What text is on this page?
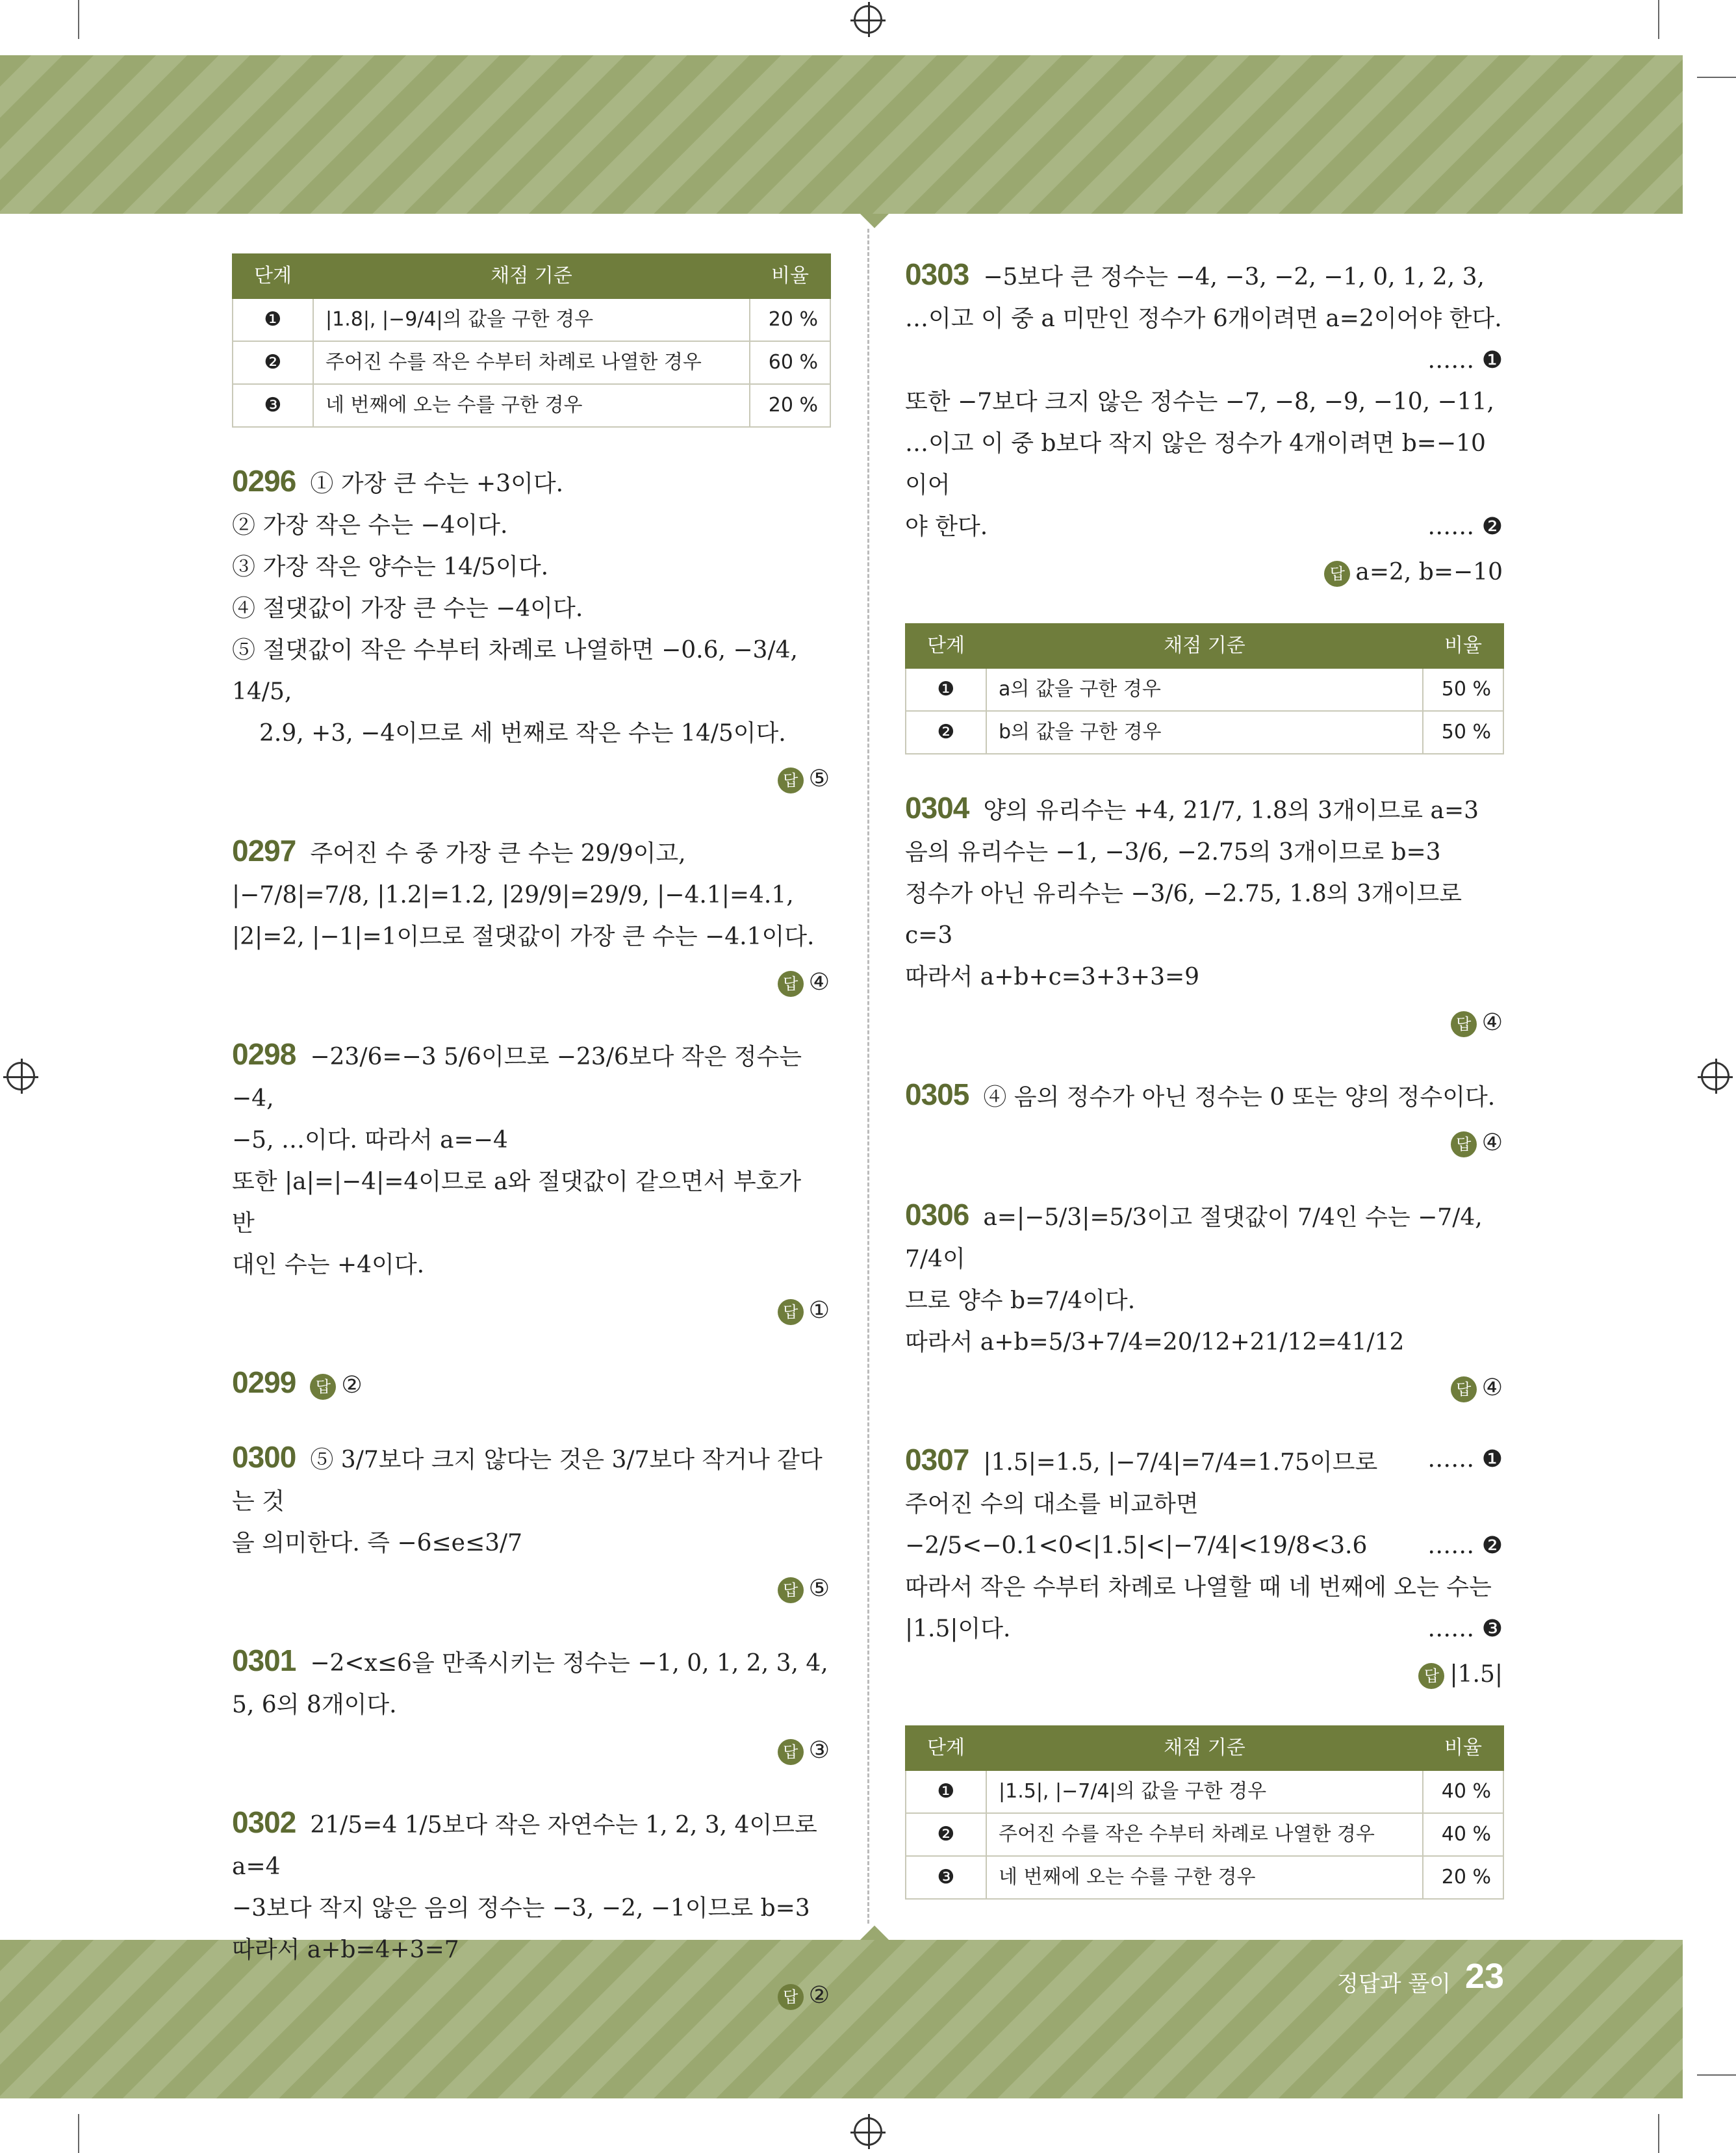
단계	채점 기준	비율
❶	|1.8|, |−9/4|의 값을 구한 경우	20 %
❷	주어진 수를 작은 수부터 차례로 나열한 경우	60 %
❸	네 번째에 오는 수를 구한 경우	20 %

0296 ① 가장 큰 수는 +3이다.

② 가장 작은 수는 −4이다.

③ 가장 작은 양수는 14/5이다.

④ 절댓값이 가장 큰 수는 −4이다.

⑤ 절댓값이 작은 수부터 차례로 나열하면 −0.6, −3/4, 14/5,

2.9, +3, −4이므로 세 번째로 작은 수는 14/5이다.

답 ⑤

0297 주어진 수 중 가장 큰 수는 29/9이고,

|−7/8|=7/8, |1.2|=1.2, |29/9|=29/9, |−4.1|=4.1,

|2|=2, |−1|=1이므로 절댓값이 가장 큰 수는 −4.1이다.

답 ④

0298 −23/6=−3 5/6이므로 −23/6보다 작은 정수는 −4,

−5, …이다. 따라서 a=−4

또한 |a|=|−4|=4이므로 a와 절댓값이 같으면서 부호가 반

대인 수는 +4이다.

답 ①

0299 답 ②

0300 ⑤ 3/7보다 크지 않다는 것은 3/7보다 작거나 같다는 것

을 의미한다. 즉 −6≤e≤3/7

답 ⑤

0301 −2<x≤6을 만족시키는 정수는 −1, 0, 1, 2, 3, 4,

5, 6의 8개이다.

답 ③

0302 21/5=4 1/5보다 작은 자연수는 1, 2, 3, 4이므로 a=4

−3보다 작지 않은 음의 정수는 −3, −2, −1이므로 b=3

따라서 a+b=4+3=7

답 ②

0303 −5보다 큰 정수는 −4, −3, −2, −1, 0, 1, 2, 3,

…이고 이 중 a 미만인 정수가 6개이려면 a=2이어야 한다.

…… ❶

또한 −7보다 크지 않은 정수는 −7, −8, −9, −10, −11,

…이고 이 중 b보다 작지 않은 정수가 4개이려면 b=−10이어

야 한다.	…… ❷

답 a=2, b=−10

단계	채점 기준	비율
❶	a의 값을 구한 경우	50 %
❷	b의 값을 구한 경우	50 %

0304 양의 유리수는 +4, 21/7, 1.8의 3개이므로 a=3

음의 유리수는 −1, −3/6, −2.75의 3개이므로 b=3

정수가 아닌 유리수는 −3/6, −2.75, 1.8의 3개이므로 c=3

따라서 a+b+c=3+3+3=9

답 ④

0305 ④ 음의 정수가 아닌 정수는 0 또는 양의 정수이다.

답 ④

0306 a=|−5/3|=5/3이고 절댓값이 7/4인 수는 −7/4, 7/4이

므로 양수 b=7/4이다.

따라서 a+b=5/3+7/4=20/12+21/12=41/12

답 ④

0307 |1.5|=1.5, |−7/4|=7/4=1.75이므로 …… ❶

주어진 수의 대소를 비교하면

−2/5<−0.1<0<|1.5|<|−7/4|<19/8<3.6	…… ❷

따라서 작은 수부터 차례로 나열할 때 네 번째에 오는 수는

|1.5|이다.	…… ❸

답 |1.5|

단계	채점 기준	비율
❶	|1.5|, |−7/4|의 값을 구한 경우	40 %
❷	주어진 수를 작은 수부터 차례로 나열한 경우	40 %
❸	네 번째에 오는 수를 구한 경우	20 %
정답과 풀이 23
